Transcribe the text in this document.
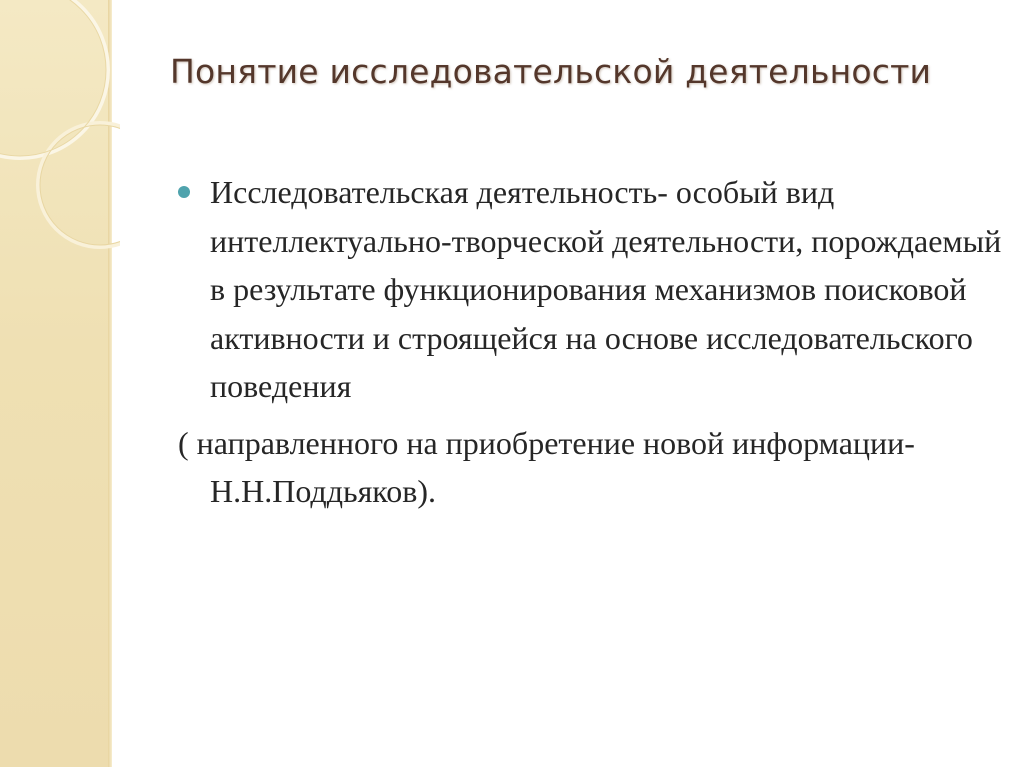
Понятие исследовательской деятельности
Исследовательская деятельность- особый вид интеллектуально-творческой деятельности, порождаемый в результате функционирования механизмов поисковой активности и строящейся на основе исследовательского поведения
( направленного на приобретение новой информации- Н.Н.Поддьяков).
